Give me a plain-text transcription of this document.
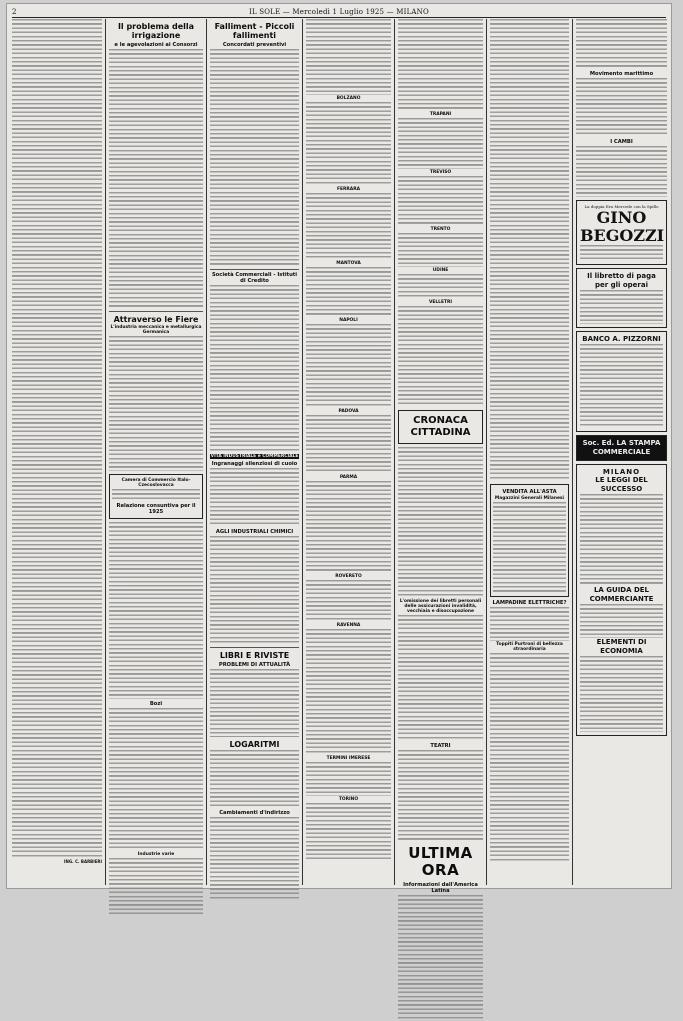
2	IL SOLE — Mercoledì 1 Luglio 1925 — MILANO
ING. C. BARBIERI
Il problema della irrigazione
e le agevolazioni ai Consorzi
Attraverso le Fiere
L'industria meccanica e metallurgica Germanica
Camera di Commercio Italo-Czecoslovacca
Relazione consuntiva per il 1925
Bozi
Industrie varie
Falliment - Piccoli fallimenti
Concordati preventivi
Società Commerciali - Istituti di Credito
VITA INDUSTRIALE e COMMERCIALE
Ingranaggi silenziosi di cuoio
AGLI INDUSTRIALI CHIMICI
LIBRI E RIVISTE
PROBLEMI DI ATTUALITÀ
LOGARITMI
Cambiamenti d'indirizzo
BOLZANO
FERRARA
MANTOVA
NAPOLI
PADOVA
PARMA
ROVERETO
RAVENNA
TERMINI IMERESE
TORINO
TRAPANI
TREVISO
TRENTO
UDINE
VELLETRI
CRONACA CITTADINA
L'omissione dei libretti personali delle assicurazioni invalidità, vecchiaia e disoccupazione
TEATRI
ULTIMA ORA
Informazioni dall'America Latina
VENDITA ALL'ASTA
Magazzini Generali Milanesi
LAMPADINE ELETTRICHE?
Toppiti Purtroni di bellezza straordinaria
Movimento marittimo
I CAMBI
La doppia Era Mercede con la Spillo
GINO BEGOZZI
Il libretto di paga per gli operai
BANCO A. PIZZORNI
Soc. Ed. LA STAMPA COMMERCIALE
MILANO
LE LEGGI DEL SUCCESSO
LA GUIDA DEL COMMERCIANTE
ELEMENTI DI ECONOMIA
